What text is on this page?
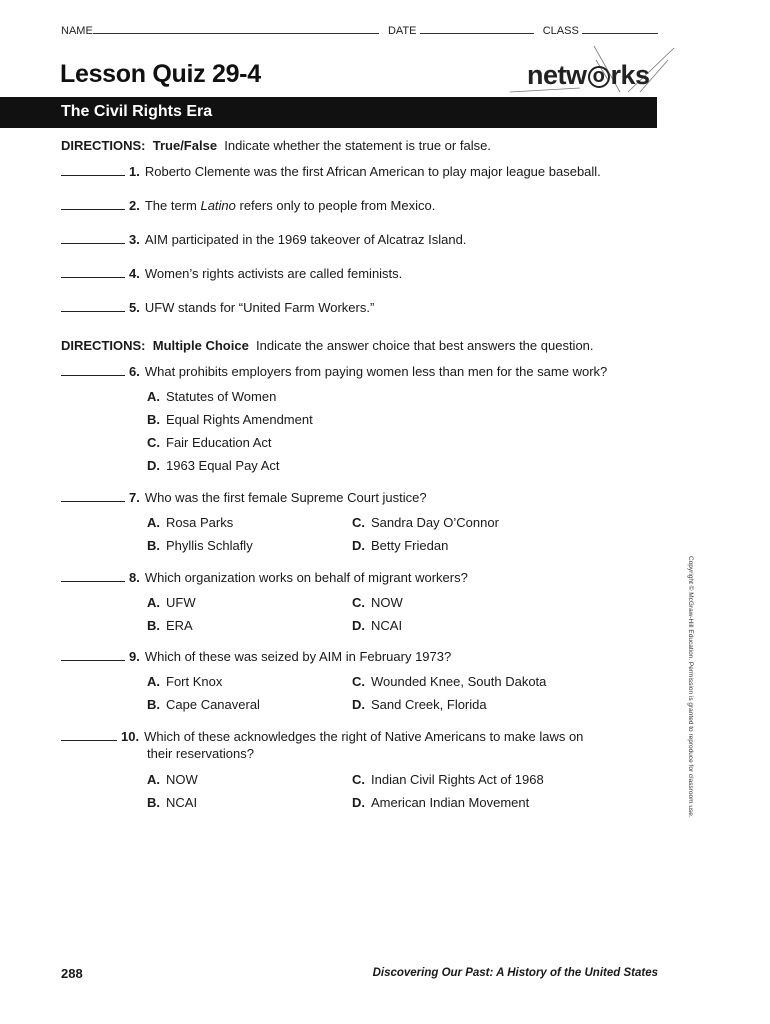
NAME	DATE	CLASS
Lesson Quiz 29-4	netw o rks
The Civil Rights Era
DIRECTIONS: True/False Indicate whether the statement is true or false.
1. Roberto Clemente was the first African American to play major league baseball.
2. The term Latino refers only to people from Mexico.
3. AIM participated in the 1969 takeover of Alcatraz Island.
4. Women’s rights activists are called feminists.
5. UFW stands for “United Farm Workers.”
DIRECTIONS: Multiple Choice Indicate the answer choice that best answers the question.
6. What prohibits employers from paying women less than men for the same work?
A. Statutes of Women
B. Equal Rights Amendment
C. Fair Education Act
D. 1963 Equal Pay Act
7. Who was the first female Supreme Court justice?
A. Rosa Parks
B. Phyllis Schlafly
C. Sandra Day O’Connor
D. Betty Friedan
8. Which organization works on behalf of migrant workers?
A. UFW
B. ERA
C. NOW
D. NCAI
9. Which of these was seized by AIM in February 1973?
A. Fort Knox
B. Cape Canaveral
C. Wounded Knee, South Dakota
D. Sand Creek, Florida
10. Which of these acknowledges the right of Native Americans to make laws on
their reservations?
A. NOW
B. NCAI
C. Indian Civil Rights Act of 1968
D. American Indian Movement	Copyright © McGraw-Hill Education. Permission is granted to reproduce for classroom use.
288	Discovering Our Past: A History of the United States
